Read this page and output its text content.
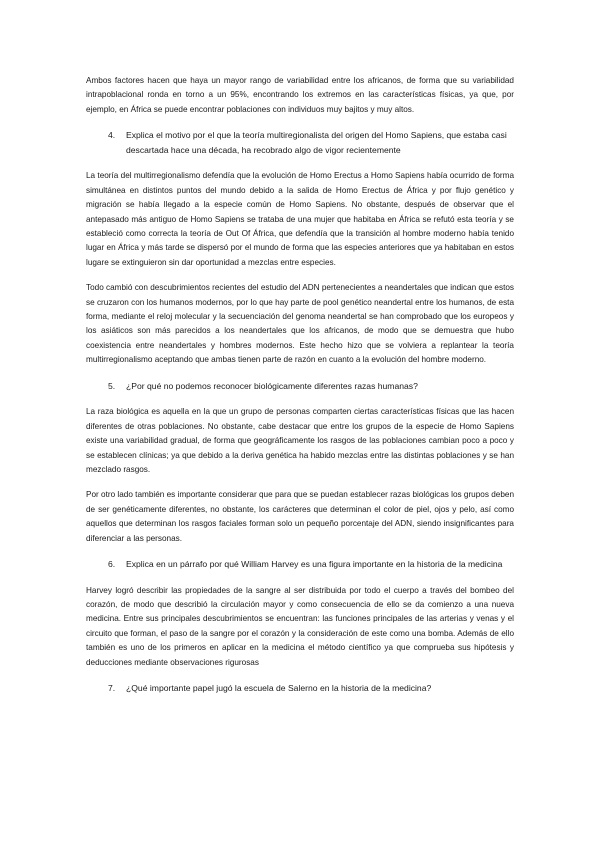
Ambos factores hacen que haya un mayor rango de variabilidad entre los africanos, de forma que su variabilidad intrapoblacional ronda en torno a un 95%, encontrando los extremos en las características físicas, ya que, por ejemplo, en África se puede encontrar poblaciones con individuos muy bajitos y muy altos.

4.	Explica el motivo por el que la teoría multiregionalista del origen del Homo Sapiens, que estaba casi descartada hace una década, ha recobrado algo de vigor recientemente

La teoría del multirregionalismo defendía que la evolución de Homo Erectus a Homo Sapiens había ocurrido de forma simultánea en distintos puntos del mundo debido a la salida de Homo Erectus de África y por flujo genético y migración se había llegado a la especie común de Homo Sapiens. No obstante, después de observar que el antepasado más antiguo de Homo Sapiens se trataba de una mujer que habitaba en África se refutó esta teoría y se estableció como correcta la teoría de Out Of África, que defendía que la transición al hombre moderno había tenido lugar en África y más tarde se dispersó por el mundo de forma que las especies anteriores que ya habitaban en estos lugare se extinguieron sin dar oportunidad a mezclas entre especies.

Todo cambió con descubrimientos recientes del estudio del ADN pertenecientes a neandertales que indican que estos se cruzaron con los humanos modernos, por lo que hay parte de pool genético neandertal entre los humanos, de esta forma, mediante el reloj molecular y la secuenciación del genoma neandertal se han comprobado que los europeos y los asiáticos son más parecidos a los neandertales que los africanos, de modo que se demuestra que hubo coexistencia entre neandertales y hombres modernos. Este hecho hizo que se volviera a replantear la teoría multirregionalismo aceptando que ambas tienen parte de razón en cuanto a la evolución del hombre moderno.

5.	¿Por qué no podemos reconocer biológicamente diferentes razas humanas?

La raza biológica es aquella en la que un grupo de personas comparten ciertas características físicas que las hacen diferentes de otras poblaciones. No obstante, cabe destacar que entre los grupos de la especie de Homo Sapiens existe una variabilidad gradual, de forma que geográficamente los rasgos de las poblaciones cambian poco a poco y se establecen clínicas; ya que debido a la deriva genética ha habido mezclas entre las distintas poblaciones y se han mezclado rasgos.

Por otro lado también es importante considerar que para que se puedan establecer razas biológicas los grupos deben de ser genéticamente diferentes, no obstante, los carácteres que determinan el color de piel, ojos y pelo, así como aquellos que determinan los rasgos faciales forman solo un pequeño porcentaje del ADN, siendo insignificantes para diferenciar a las personas.

6.	Explica en un párrafo por qué William Harvey es una figura importante en la historia de la medicina

Harvey logró describir las propiedades de la sangre al ser distribuida por todo el cuerpo a través del bombeo del corazón, de modo que describió la circulación mayor y como consecuencia de ello se da comienzo a una nueva medicina. Entre sus principales descubrimientos se encuentran: las funciones principales de las arterias y venas y el circuito que forman, el paso de la sangre por el corazón y la consideración de este como una bomba. Además de ello también es uno de los primeros en aplicar en la medicina el método científico ya que comprueba sus hipótesis y deducciones mediante observaciones rigurosas

7.	¿Qué importante papel jugó la escuela de Salerno en la historia de la medicina?
